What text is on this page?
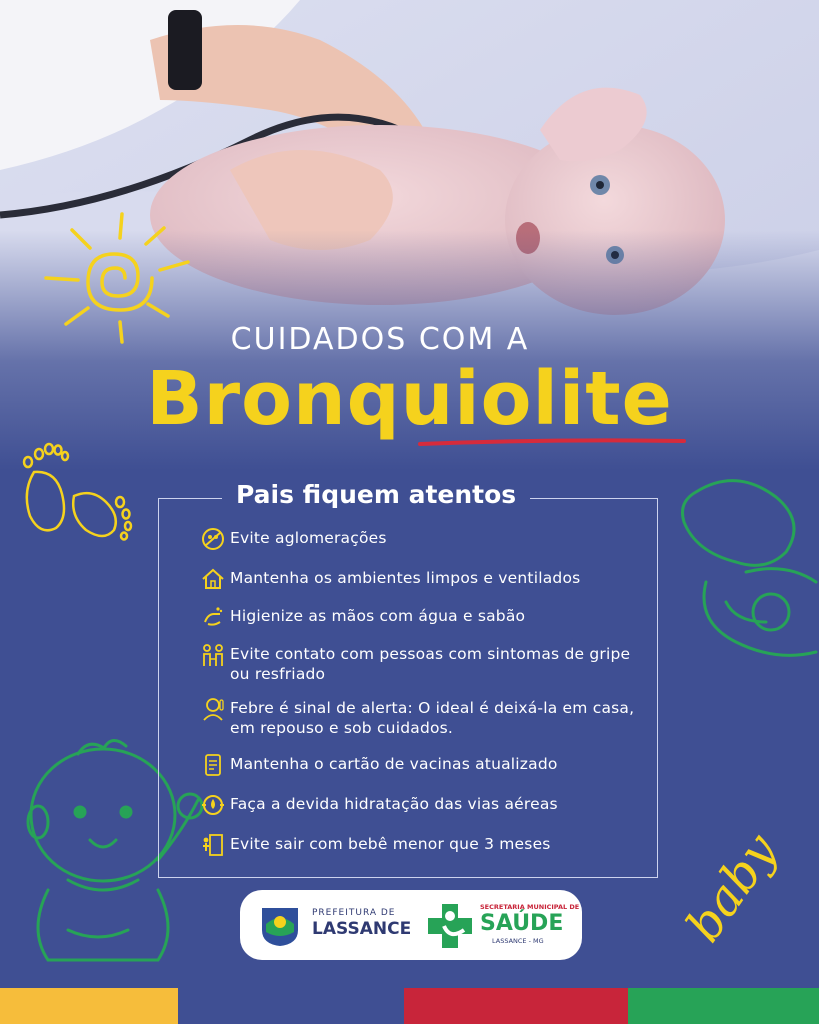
CUIDADOS COM A
Bronquiolite
baby
Pais fiquem atentos
Evite aglomerações
Mantenha os ambientes limpos e ventilados
Higienize as mãos com água e sabão
Evite contato com pessoas com sintomas de gripe ou resfriado
Febre é sinal de alerta: O ideal é deixá-la em casa, em repouso e sob cuidados.
Mantenha o cartão de vacinas atualizado
Faça a devida hidratação das vias aéreas
Evite sair com bebê menor que 3 meses
PREFEITURA DE
LASSANCE
SECRETARIA MUNICIPAL DE
SAÚDE
LASSANCE - MG
